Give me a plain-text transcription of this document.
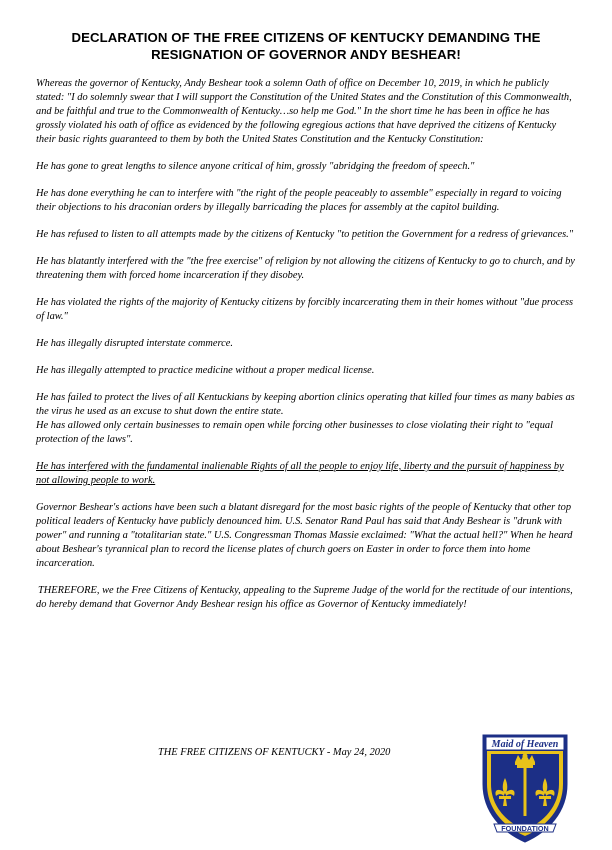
DECLARATION OF THE FREE CITIZENS OF KENTUCKY DEMANDING THE
RESIGNATION OF GOVERNOR ANDY BESHEAR!

Whereas the governor of Kentucky, Andy Beshear took a solemn Oath of office on December 10, 2019, in which he publicly stated: "I do solemnly swear that I will support the Constitution of the United States and the Constitution of this Commonwealth, and be faithful and true to the Commonwealth of Kentucky…so help me God." In the short time he has been in office he has grossly violated his oath of office as evidenced by the following egregious actions that have deprived the citizens of Kentucky their basic rights guaranteed to them by both the United States Constitution and the Kentucky Constitution:

He has gone to great lengths to silence anyone critical of him, grossly "abridging the freedom of speech."

He has done everything he can to interfere with "the right of the people peaceably to assemble" especially in regard to voicing their objections to his draconian orders by illegally barricading the places for assembly at the capitol building.

He has refused to listen to all attempts made by the citizens of Kentucky "to petition the Government for a redress of grievances."

He has blatantly interfered with the "the free exercise" of religion by not allowing the citizens of Kentucky to go to church, and by threatening them with forced home incarceration if they disobey.

He has violated the rights of the majority of Kentucky citizens by forcibly incarcerating them in their homes without "due process of law."

He has illegally disrupted interstate commerce.

He has illegally attempted to practice medicine without a proper medical license.

He has failed to protect the lives of all Kentuckians by keeping abortion clinics operating that killed four times as many babies as the virus he used as an excuse to shut down the entire state.

He has allowed only certain businesses to remain open while forcing other businesses to close violating their right to "equal protection of the laws".

He has interfered with the fundamental inalienable Rights of all the people to enjoy life, liberty and the pursuit of happiness by not allowing people to work.

Governor Beshear's actions have been such a blatant disregard for the most basic rights of the people of Kentucky that other top political leaders of Kentucky have publicly denounced him. U.S. Senator Rand Paul has said that Andy Beshear is "drunk with power" and running a "totalitarian state." U.S. Congressman Thomas Massie exclaimed: "What the actual hell?" When he heard about Beshear's tyrannical plan to record the license plates of church goers on Easter in order to force them into home incarceration.

THEREFORE, we the Free Citizens of Kentucky, appealing to the Supreme Judge of the world for the rectitude of our intentions, do hereby demand that Governor Andy Beshear resign his office as Governor of Kentucky immediately!

THE FREE CITIZENS OF KENTUCKY - May 24, 2020
Maid of Heaven
FOUNDATION
